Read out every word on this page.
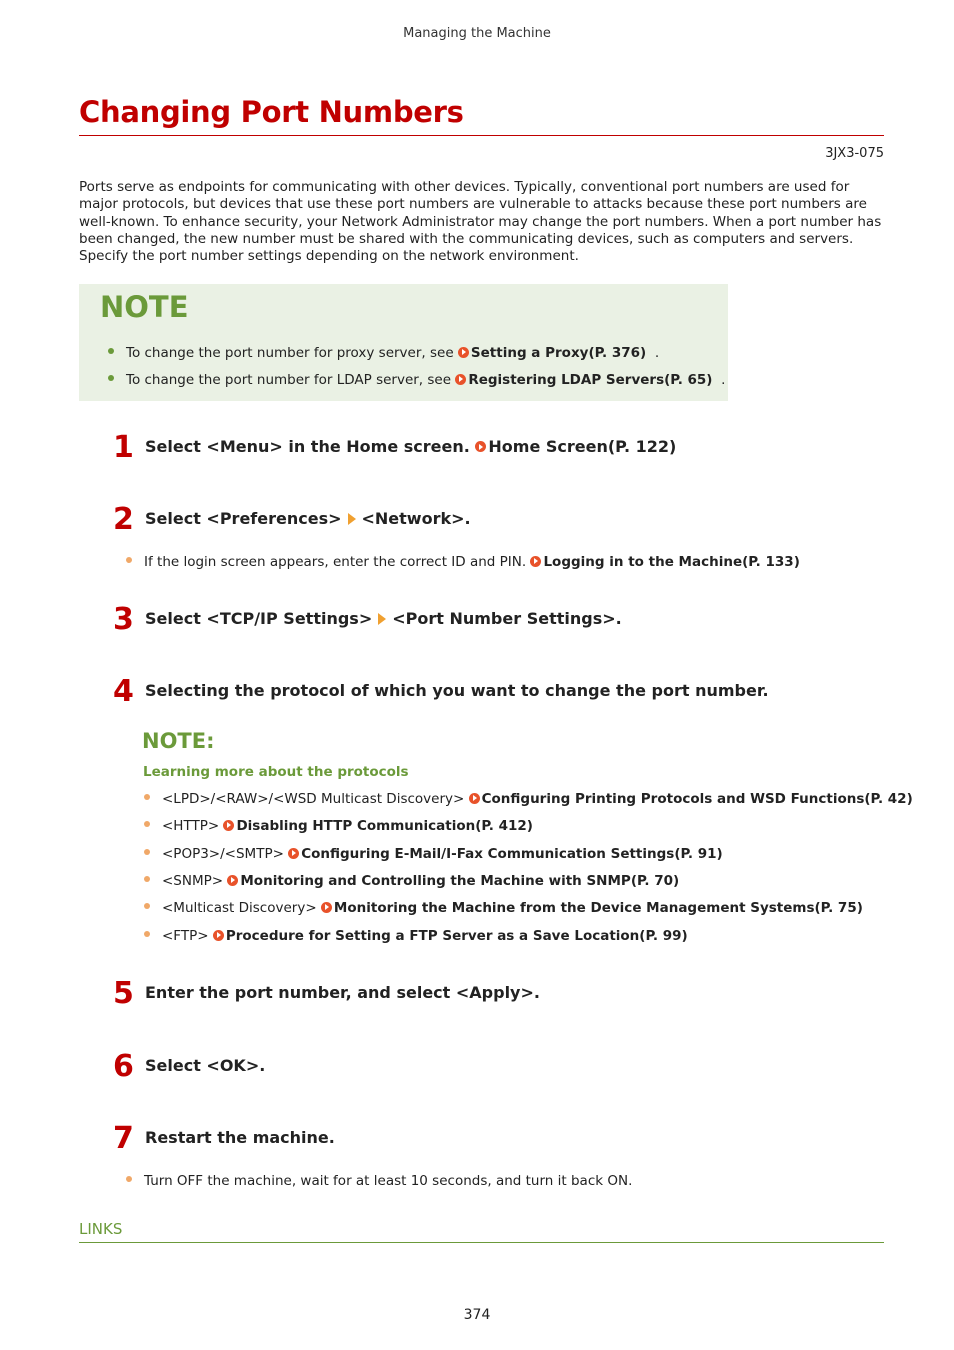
Managing the Machine
Changing Port Numbers
3JX3-075
Ports serve as endpoints for communicating with other devices. Typically, conventional port numbers are used for
major protocols, but devices that use these port numbers are vulnerable to attacks because these port numbers are
well-known. To enhance security, your Network Administrator may change the port numbers. When a port number has
been changed, the new number must be shared with the communicating devices, such as computers and servers.
Specify the port number settings depending on the network environment.
NOTE
To change the port number for proxy server, see Setting a Proxy(P. 376) .
To change the port number for LDAP server, see Registering LDAP Servers(P. 65) .
1 Select <Menu> in the Home screen. Home Screen(P. 122)
2 Select <Preferences> <Network>.
If the login screen appears, enter the correct ID and PIN. Logging in to the Machine(P. 133)
3 Select <TCP/IP Settings> <Port Number Settings>.
4 Selecting the protocol of which you want to change the port number.
NOTE:
Learning more about the protocols
<LPD>/<RAW>/<WSD Multicast Discovery> Configuring Printing Protocols and WSD Functions(P. 42)
<HTTP> Disabling HTTP Communication(P. 412)
<POP3>/<SMTP> Configuring E-Mail/I-Fax Communication Settings(P. 91)
<SNMP> Monitoring and Controlling the Machine with SNMP(P. 70)
<Multicast Discovery> Monitoring the Machine from the Device Management Systems(P. 75)
<FTP> Procedure for Setting a FTP Server as a Save Location(P. 99)
5 Enter the port number, and select <Apply>.
6 Select <OK>.
7 Restart the machine.
Turn OFF the machine, wait for at least 10 seconds, and turn it back ON.
LINKS
374
